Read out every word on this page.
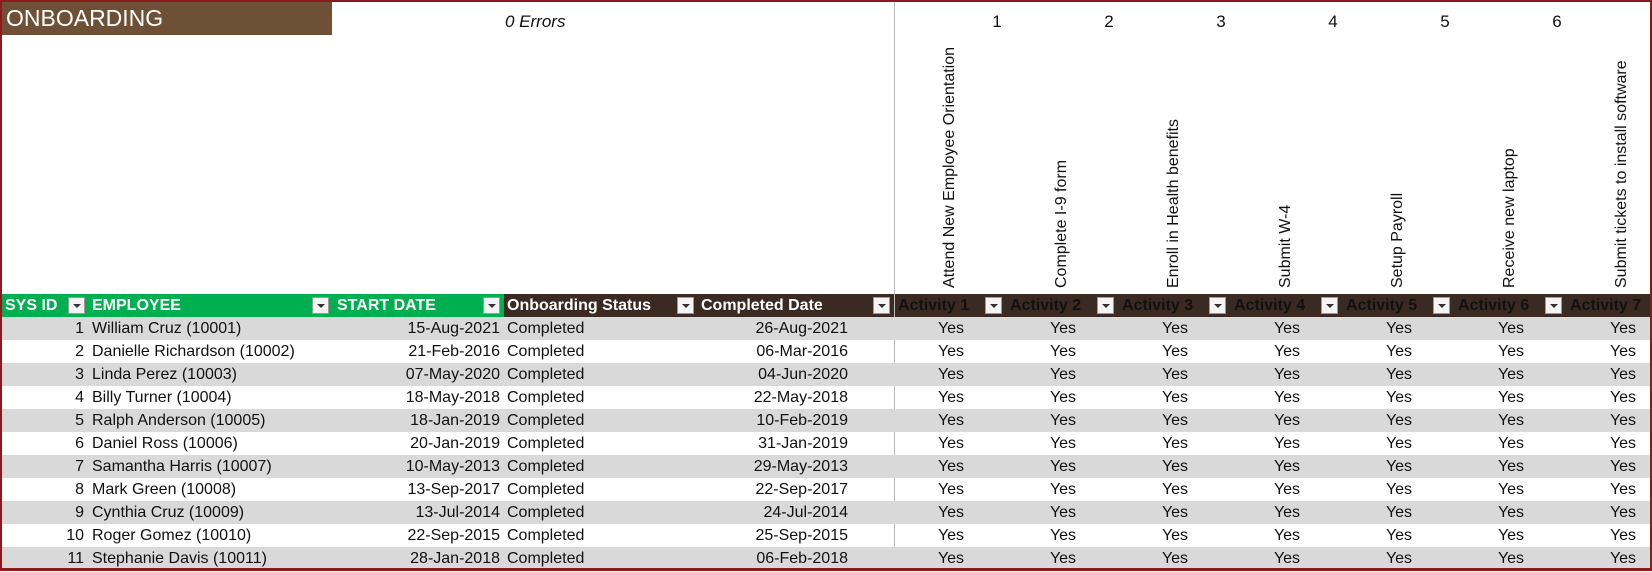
ONBOARDING	0 Errors	1	2	3	4	5	6
Attend New Employee Orientation	Complete I-9 form	Enroll in Health benefits	Submit W-4	Setup Payroll	Receive new laptop	Submit tickets to install software
SYS ID	EMPLOYEE	START DATE	Onboarding Status	Completed Date	Activity 1	Activity 2	Activity 3	Activity 4	Activity 5	Activity 6	Activity 7
1 William Cruz (10001)	15-Aug-2021 Completed	26-Aug-2021	Yes	Yes	Yes	Yes	Yes	Yes	Yes
2 Danielle Richardson (10002)	21-Feb-2016 Completed	06-Mar-2016	Yes	Yes	Yes	Yes	Yes	Yes	Yes
3 Linda Perez (10003)	07-May-2020 Completed	04-Jun-2020	Yes	Yes	Yes	Yes	Yes	Yes	Yes
4 Billy Turner (10004)	18-May-2018 Completed	22-May-2018	Yes	Yes	Yes	Yes	Yes	Yes	Yes
5 Ralph Anderson (10005)	18-Jan-2019 Completed	10-Feb-2019	Yes	Yes	Yes	Yes	Yes	Yes	Yes
6 Daniel Ross (10006)	20-Jan-2019 Completed	31-Jan-2019	Yes	Yes	Yes	Yes	Yes	Yes	Yes
7 Samantha Harris (10007)	10-May-2013 Completed	29-May-2013	Yes	Yes	Yes	Yes	Yes	Yes	Yes
8 Mark Green (10008)	13-Sep-2017 Completed	22-Sep-2017	Yes	Yes	Yes	Yes	Yes	Yes	Yes
9 Cynthia Cruz (10009)	13-Jul-2014 Completed	24-Jul-2014	Yes	Yes	Yes	Yes	Yes	Yes	Yes
10 Roger Gomez (10010)	22-Sep-2015 Completed	25-Sep-2015	Yes	Yes	Yes	Yes	Yes	Yes	Yes
11 Stephanie Davis (10011)	28-Jan-2018 Completed	06-Feb-2018	Yes	Yes	Yes	Yes	Yes	Yes	Yes
